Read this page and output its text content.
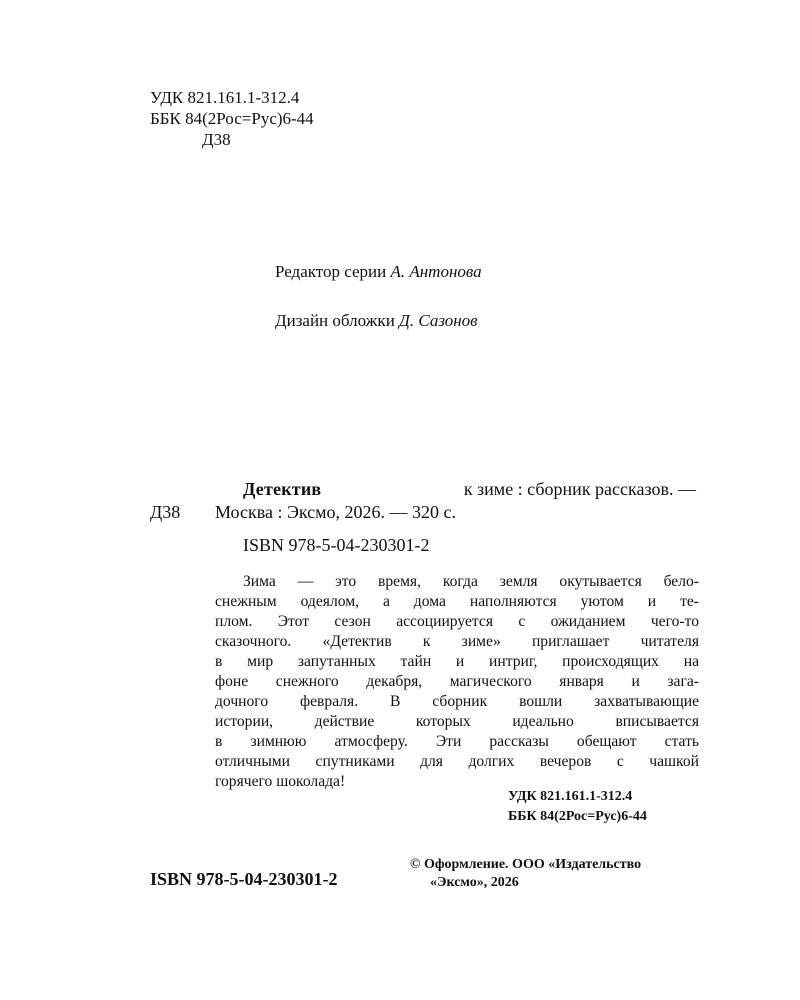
УДК 821.161.1-312.4
ББК 84(2Рос=Рус)6-44
Д38
Редактор серии А. Антонова
Дизайн обложки Д. Сазонов
Детектив	к зиме : сборник рассказов. —
Д38 Москва : Эксмо, 2026. — 320 с.
ISBN 978-5-04-230301-2
Зима — это время, когда земля окутывается бело-
снежным одеялом, а дома наполняются уютом и те-
плом. Этот сезон ассоциируется с ожиданием чего-то
сказочного. «Детектив к зиме» приглашает читателя
в мир запутанных тайн и интриг, происходящих на
фоне снежного декабря, магического января и зага-
дочного февраля. В сборник вошли захватывающие
истории, действие которых идеально вписывается
в зимнюю атмосферу. Эти рассказы обещают стать
отличными спутниками для долгих вечеров с чашкой
горячего шоколада!
УДК 821.161.1-312.4
ББК 84(2Рос=Рус)6-44
ISBN 978-5-04-230301-2
© Оформление. ООО «Издательство
«Эксмо», 2026
